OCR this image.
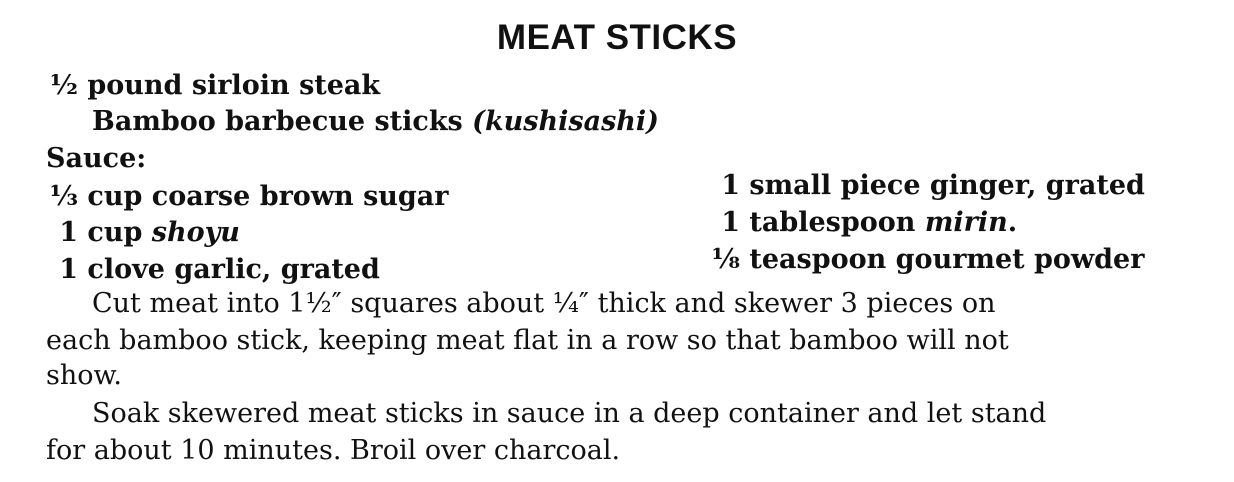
MEAT STICKS
½ pound sirloin steak
Bamboo barbecue sticks (kushisashi)
Sauce:
⅓ cup coarse brown sugar
1 cup shoyu
1 clove garlic, grated
1 small piece ginger, grated
1 tablespoon mirin.
⅛ teaspoon gourmet powder
Cut meat into 1½″ squares about ¼″ thick and skewer 3 pieces on
each bamboo stick, keeping meat flat in a row so that bamboo will not
show.
Soak skewered meat sticks in sauce in a deep container and let stand
for about 10 minutes. Broil over charcoal.
